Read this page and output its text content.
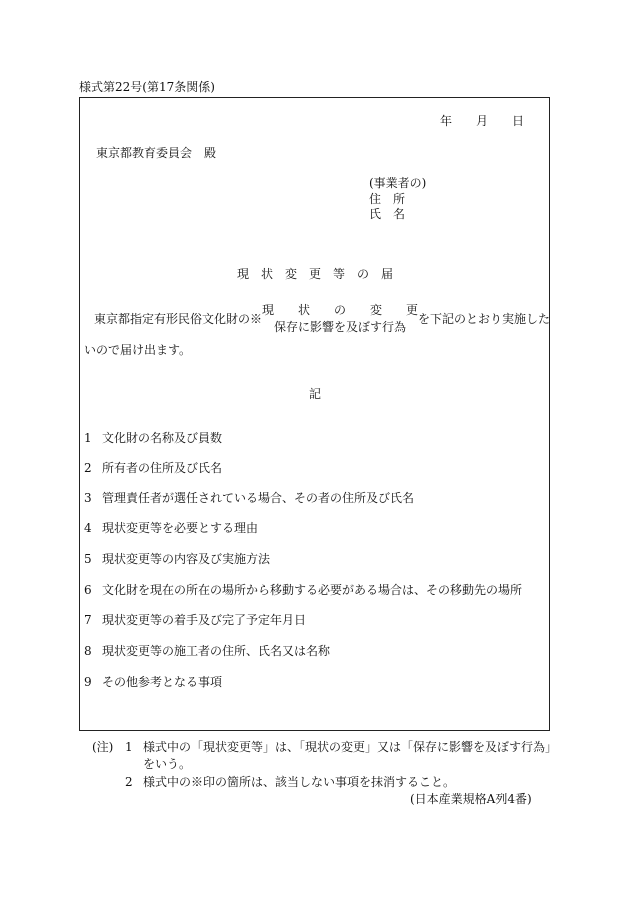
様式第22号(第17条関係)
年 月 日
東京都教育委員会　殿
(事業者の)
住　所
氏　名
現　状　変　更　等　の　届
東京都指定有形民俗文化財の※
現　　状　　の　　変　　更
保存に影響を及ぼす行為
を下記のとおり実施した
いので届け出ます。
記
1 文化財の名称及び員数
2 所有者の住所及び氏名
3 管理責任者が選任されている場合、その者の住所及び氏名
4 現状変更等を必要とする理由
5 現状変更等の内容及び実施方法
6 文化財を現在の所在の場所から移動する必要がある場合は、その移動先の場所
7 現状変更等の着手及び完了予定年月日
8 現状変更等の施工者の住所、氏名又は名称
9 その他参考となる事項
(注) 1 様式中の「現状変更等」は、「現状の変更」又は「保存に影響を及ぼす行為」
をいう。
2 様式中の※印の箇所は、該当しない事項を抹消すること。
(日本産業規格A列4番)
